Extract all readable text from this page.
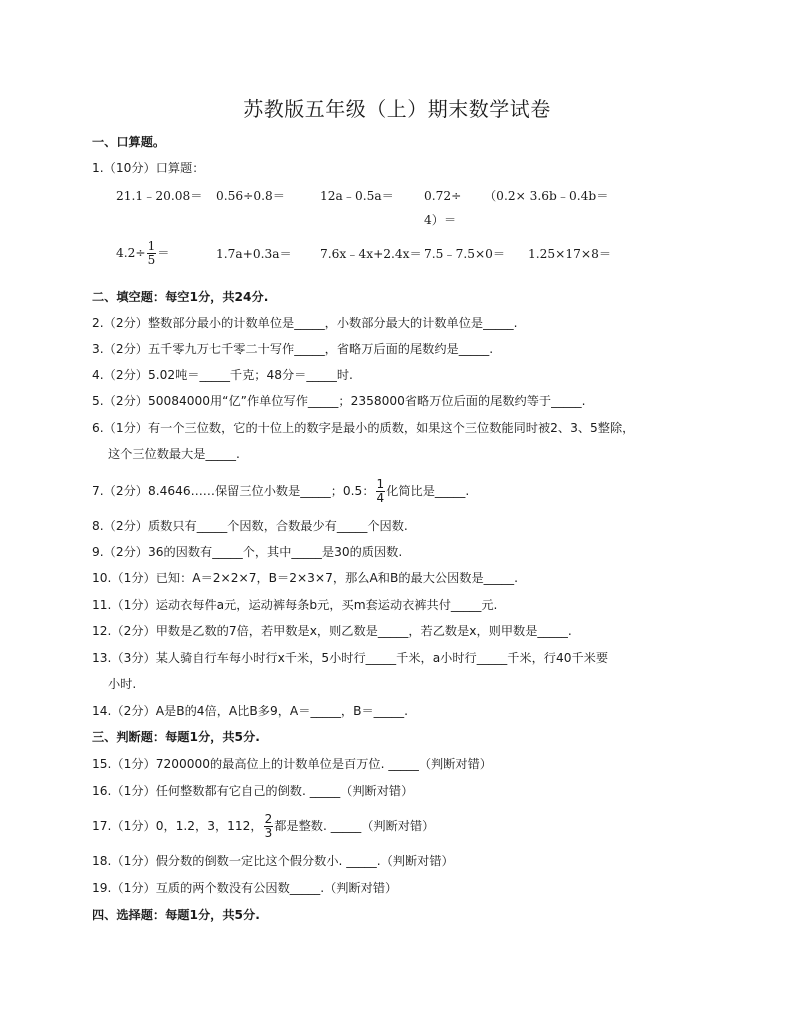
苏教版五年级（上）期末数学试卷
一、口算题。
1.（10分）口算题：
21.1﹣20.08＝ 0.56÷0.8＝	12a﹣0.5a＝ 0.72÷ （0.2× 3.6b﹣0.4b＝
4）＝
$4.2\div \frac{1}{5}$ ＝	1.7a+0.3a＝ 7.6x﹣4x+2.4x＝ 7.5﹣7.5×0＝ 1.25×17×8＝
二、填空题：每空1分，共24分.
2.（2分）整数部分最小的计数单位是_____，小数部分最大的计数单位是_____.
3.（2分）五千零九万七千零二十写作_____，省略万后面的尾数约是_____.
4.（2分）5.02吨＝_____千克；48分＝_____时.
5.（2分）50084000用“亿”作单位写作_____；2358000省略万位后面的尾数约等于_____.
6.（1分）有一个三位数，它的十位上的数字是最小的质数，如果这个三位数能同时被2、3、5整除，
这个三位数最大是_____.
7.（2分）8.4646……保留三位小数是_____；0.5： $\frac{1}{4}$ 化简比是_____.
8.（2分）质数只有_____个因数，合数最少有_____个因数.
9.（2分）36的因数有_____个，其中_____是30的质因数.
10.（1分）已知：A＝2×2×7，B＝2×3×7，那么A和B的最大公因数是_____.
11.（1分）运动衣每件a元，运动裤每条b元，买m套运动衣裤共付_____元.
12.（2分）甲数是乙数的7倍，若甲数是x，则乙数是_____，若乙数是x，则甲数是_____.
13.（3分）某人骑自行车每小时行x千米，5小时行_____千米，a小时行_____千米，行40千米要
小时.
14.（2分）A是B的4倍，A比B多9，A＝_____，B＝_____.
三、判断题：每题1分，共5分.
15.（1分）7200000的最高位上的计数单位是百万位. _____（判断对错）
16.（1分）任何整数都有它自己的倒数. _____（判断对错）
17.（1分）0，1.2，3，112， $\frac{2}{3}$ 都是整数. _____（判断对错）
18.（1分）假分数的倒数一定比这个假分数小. _____.（判断对错）
19.（1分）互质的两个数没有公因数_____.（判断对错）
四、选择题：每题1分，共5分.
